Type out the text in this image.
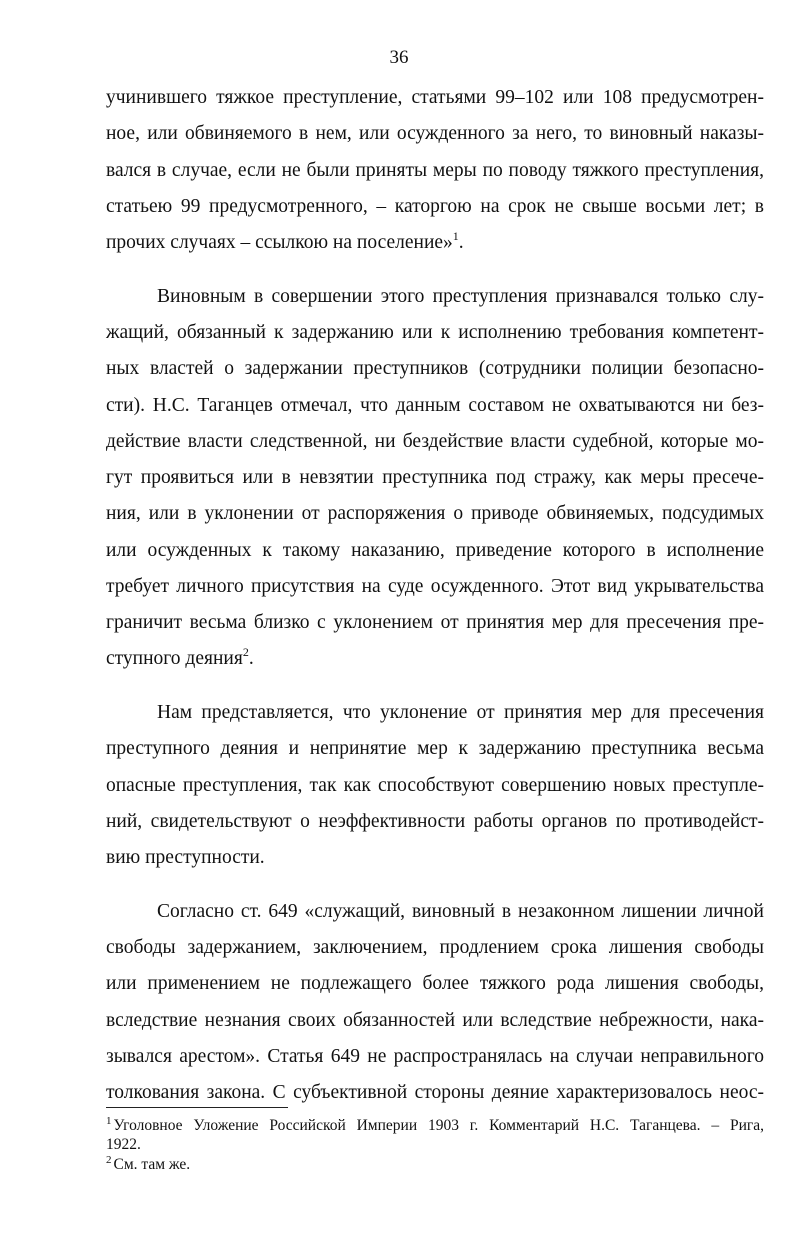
36
учинившего тяжкое преступление, статьями 99–102 или 108 предусмотрен-
ное, или обвиняемого в нем, или осужденного за него, то виновный наказы-
вался в случае, если не были приняты меры по поводу тяжкого преступления,
статьею 99 предусмотренного, – каторгою на срок не свыше восьми лет; в
прочих случаях – ссылкою на поселение»$^1$.
Виновным в совершении этого преступления признавался только слу-
жащий, обязанный к задержанию или к исполнению требования компетент-
ных властей о задержании преступников (сотрудники полиции безопасно-
сти). Н.С. Таганцев отмечал, что данным составом не охватываются ни без-
действие власти следственной, ни бездействие власти судебной, которые мо-
гут проявиться или в невзятии преступника под стражу, как меры пресече-
ния, или в уклонении от распоряжения о приводе обвиняемых, подсудимых
или осужденных к такому наказанию, приведение которого в исполнение
требует личного присутствия на суде осужденного. Этот вид укрывательства
граничит весьма близко с уклонением от принятия мер для пресечения пре-
ступного деяния$^2$.
Нам представляется, что уклонение от принятия мер для пресечения
преступного деяния и непринятие мер к задержанию преступника весьма
опасные преступления, так как способствуют совершению новых преступле-
ний, свидетельствуют о неэффективности работы органов по противодейст-
вию преступности.
Согласно ст. 649 «служащий, виновный в незаконном лишении личной
свободы задержанием, заключением, продлением срока лишения свободы
или применением не подлежащего более тяжкого рода лишения свободы,
вследствие незнания своих обязанностей или вследствие небрежности, нака-
зывался арестом». Статья 649 не распространялась на случаи неправильного
толкования закона. С субъективной стороны деяние характеризовалось неос-
$^1$ Уголовное Уложение Российской Империи 1903 г. Комментарий Н.С. Таганцева. – Рига,
1922.
$^2$ См. там же.
